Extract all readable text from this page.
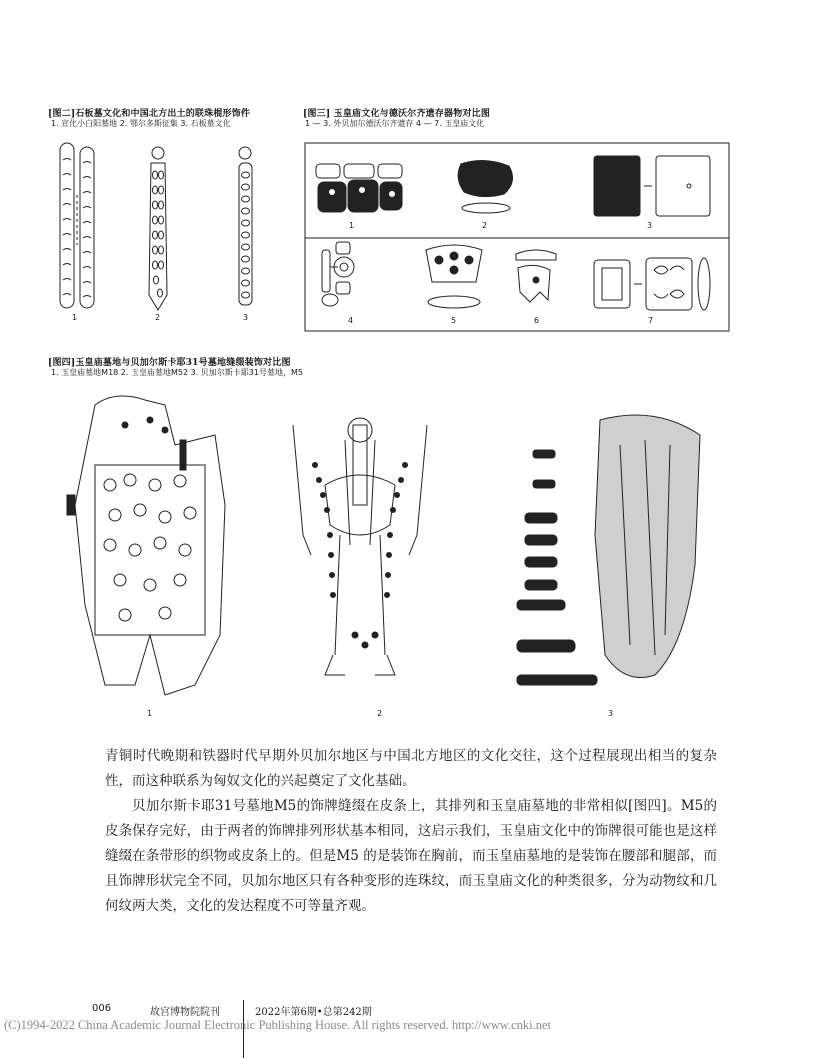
[图二]石板墓文化和中国北方出土的联珠棍形饰件
1. 宣化小白阳墓地 2. 鄂尔多斯征集 3. 石板墓文化
1	2	3
[图三] 玉皇庙文化与德沃尔齐遗存器物对比图
1 — 3. 外贝加尔德沃尔齐遗存 4 — 7. 玉皇庙文化
1	2	3
4	5	6	7
[图四]玉皇庙墓地与贝加尔斯卡耶31号墓地缝缀装饰对比图
1. 玉皇庙墓地M18 2. 玉皇庙墓地M52 3. 贝加尔斯卡耶31号墓地，M5
1	2	3

青铜时代晚期和铁器时代早期外贝加尔地区与中国北方地区的文化交往，这个过程展现出相当的复杂性，而这种联系为匈奴文化的兴起奠定了文化基础。

贝加尔斯卡耶31号墓地M5的饰牌缝缀在皮条上，其排列和玉皇庙墓地的非常相似[图四]。M5的皮条保存完好，由于两者的饰牌排列形状基本相同，这启示我们，玉皇庙文化中的饰牌很可能也是这样缝缀在条带形的织物或皮条上的。但是M5 的是装饰在胸前，而玉皇庙墓地的是装饰在腰部和腿部，而且饰牌形状完全不同，贝加尔地区只有各种变形的连珠纹，而玉皇庙文化的种类很多，分为动物纹和几何纹两大类，文化的发达程度不可等量齐观。

006	故宫博物院院刊	2022年第6期•总第242期
(C)1994-2022 China Academic Journal Electronic Publishing House. All rights reserved. http://www.cnki.net
